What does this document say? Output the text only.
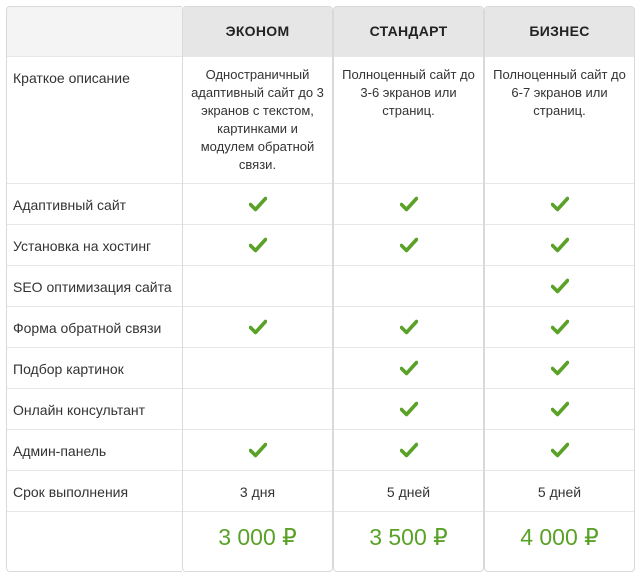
Краткое описание
Адаптивный сайт
Установка на хостинг
SEO оптимизация сайта
Форма обратной связи
Подбор картинок
Онлайн консультант
Админ-панель
Срок выполнения
ЭКОНОМ
Одностраничный адаптивный сайт до 3 экранов с текстом, картинками и модулем обратной связи.
3 дня
3 000 ₽
СТАНДАРТ
Полноценный сайт до 3-6 экранов или страниц.
5 дней
3 500 ₽
БИЗНЕС
Полноценный сайт до 6-7 экранов или страниц.
5 дней
4 000 ₽
